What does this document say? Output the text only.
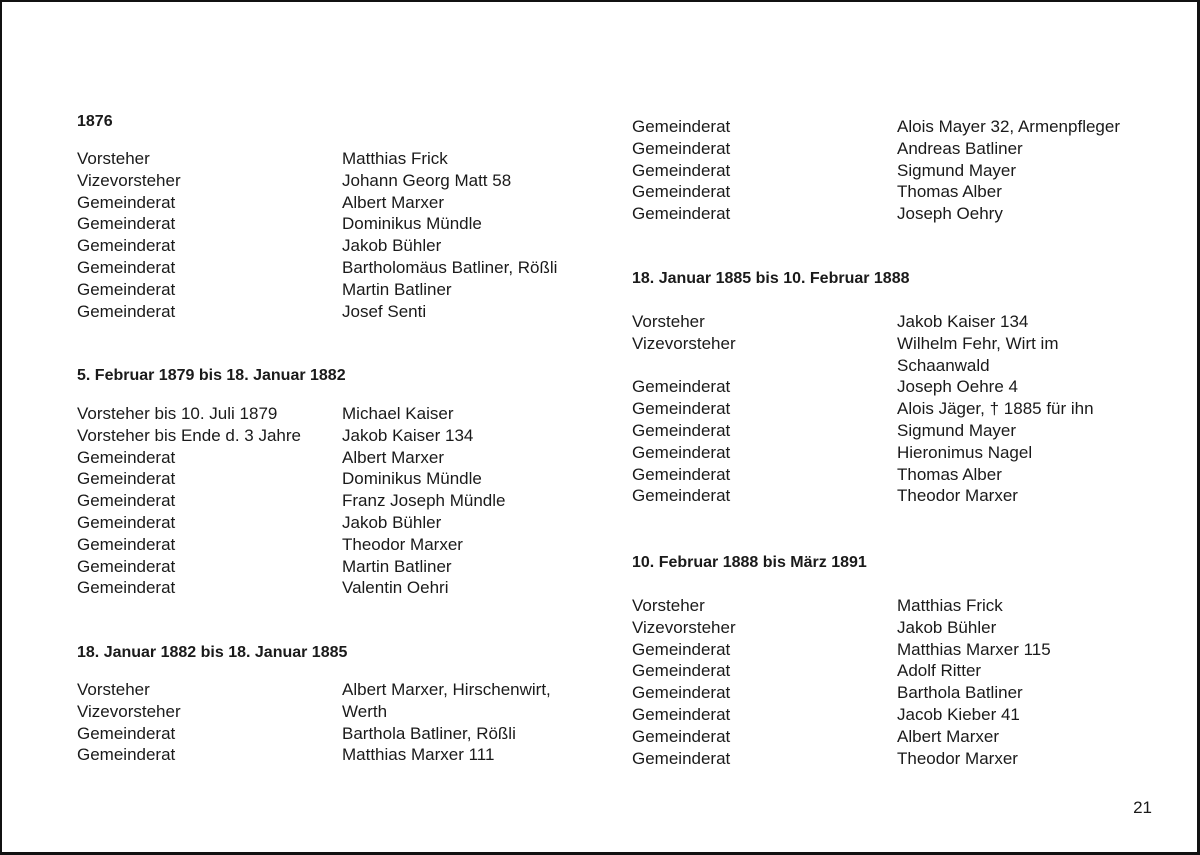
1876
Vorsteher	Matthias Frick
Vizevorsteher	Johann Georg Matt 58
Gemeinderat	Albert Marxer
Gemeinderat	Dominikus Mündle
Gemeinderat	Jakob Bühler
Gemeinderat	Bartholomäus Batliner, Rößli
Gemeinderat	Martin Batliner
Gemeinderat	Josef Senti
5. Februar 1879 bis 18. Januar 1882
Vorsteher bis 10. Juli 1879	Michael Kaiser
Vorsteher bis Ende d. 3 Jahre	Jakob Kaiser 134
Gemeinderat	Albert Marxer
Gemeinderat	Dominikus Mündle
Gemeinderat	Franz Joseph Mündle
Gemeinderat	Jakob Bühler
Gemeinderat	Theodor Marxer
Gemeinderat	Martin Batliner
Gemeinderat	Valentin Oehri
18. Januar 1882 bis 18. Januar 1885
Vorsteher	Albert Marxer, Hirschenwirt,
Vizevorsteher	Werth
Gemeinderat	Barthola Batliner, Rößli
Gemeinderat	Matthias Marxer 111
Gemeinderat	Alois Mayer 32, Armenpfleger
Gemeinderat	Andreas Batliner
Gemeinderat	Sigmund Mayer
Gemeinderat	Thomas Alber
Gemeinderat	Joseph Oehry
18. Januar 1885 bis 10. Februar 1888
Vorsteher	Jakob Kaiser 134
Vizevorsteher	Wilhelm Fehr, Wirt im
Schaanwald
Gemeinderat	Joseph Oehre 4
Gemeinderat	Alois Jäger, † 1885 für ihn
Gemeinderat	Sigmund Mayer
Gemeinderat	Hieronimus Nagel
Gemeinderat	Thomas Alber
Gemeinderat	Theodor Marxer
10. Februar 1888 bis März 1891
Vorsteher	Matthias Frick
Vizevorsteher	Jakob Bühler
Gemeinderat	Matthias Marxer 115
Gemeinderat	Adolf Ritter
Gemeinderat	Barthola Batliner
Gemeinderat	Jacob Kieber 41
Gemeinderat	Albert Marxer
Gemeinderat	Theodor Marxer
21
